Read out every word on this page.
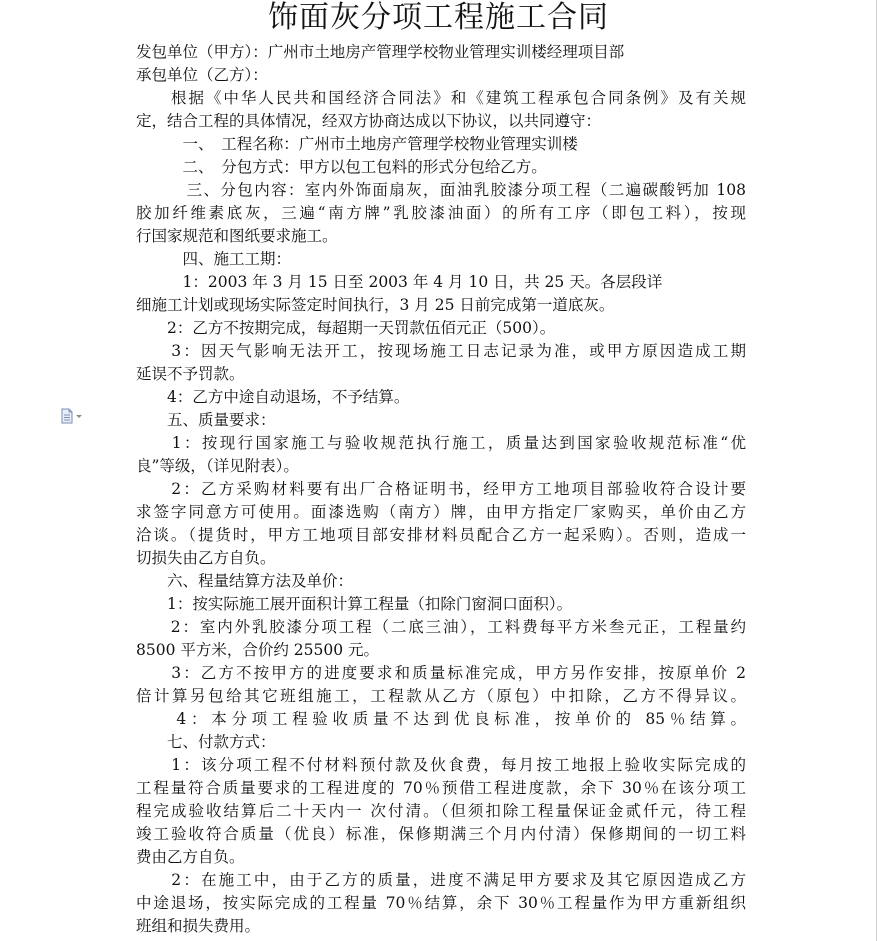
饰面灰分项工程施工合同
发包单位（甲方）：广州市土地房产管理学校物业管理实训楼经理项目部
承包单位（乙方）：
　　根据《中华人民共和国经济合同法》和《建筑工程承包合同条例》及有关规
定，结合工程的具体情况，经双方协商达成以下协议，以共同遵守：
　　　一、　工程名称：广州市土地房产管理学校物业管理实训楼
　　　二、　分包方式：甲方以包工包料的形式分包给乙方。
　　　三、分包内容：室内外饰面扇灰，面油乳胶漆分项工程（二遍碳酸钙加 108
胶加纤维素底灰，三遍“南方牌”乳胶漆油面）的所有工序（即包工料），按现
行国家规范和图纸要求施工。
　　　四、施工工期：
　　　1：2003 年 3 月 15 日至 2003 年 4 月 10 日，共 25 天。各层段详
细施工计划或现场实际签定时间执行，3 月 25 日前完成第一道底灰。
　　2：乙方不按期完成，每超期一天罚款伍佰元正（500）。
　　3：因天气影响无法开工，按现场施工日志记录为准，或甲方原因造成工期
延误不予罚款。
　　4：乙方中途自动退场，不予结算。
　　五、质量要求：
　　1：按现行国家施工与验收规范执行施工，质量达到国家验收规范标准“优
良”等级，（详见附表）。
　　2：乙方采购材料要有出厂合格证明书，经甲方工地项目部验收符合设计要
求签字同意方可使用。面漆选购（南方）牌，由甲方指定厂家购买，单价由乙方
洽谈。（提货时，甲方工地项目部安排材料员配合乙方一起采购）。否则，造成一
切损失由乙方自负。
　　六、程量结算方法及单价：
　　1：按实际施工展开面积计算工程量（扣除门窗洞口面积）。
　　2：室内外乳胶漆分项工程（二底三油），工料费每平方米叁元正，工程量约
8500 平方米，合价约 25500 元。
　　3：乙方不按甲方的进度要求和质量标准完成，甲方另作安排，按原单价 2
倍计算另包给其它班组施工，工程款从乙方（原包）中扣除，乙方不得异议。
　　4：本分项工程验收质量不达到优良标准，按单价的 85％结算。
　　七、付款方式：
　　1：该分项工程不付材料预付款及伙食费，每月按工地报上验收实际完成的
工程量符合质量要求的工程进度的 70％预借工程进度款，余下 30％在该分项工
程完成验收结算后二十天内一 次付清。（但须扣除工程量保证金贰仟元，待工程
竣工验收符合质量（优良）标准，保修期满三个月内付清）保修期间的一切工料
费由乙方自负。
　　2：在施工中，由于乙方的质量，进度不满足甲方要求及其它原因造成乙方
中途退场，按实际完成的工程量 70％结算，余下 30％工程量作为甲方重新组织
班组和损失费用。
